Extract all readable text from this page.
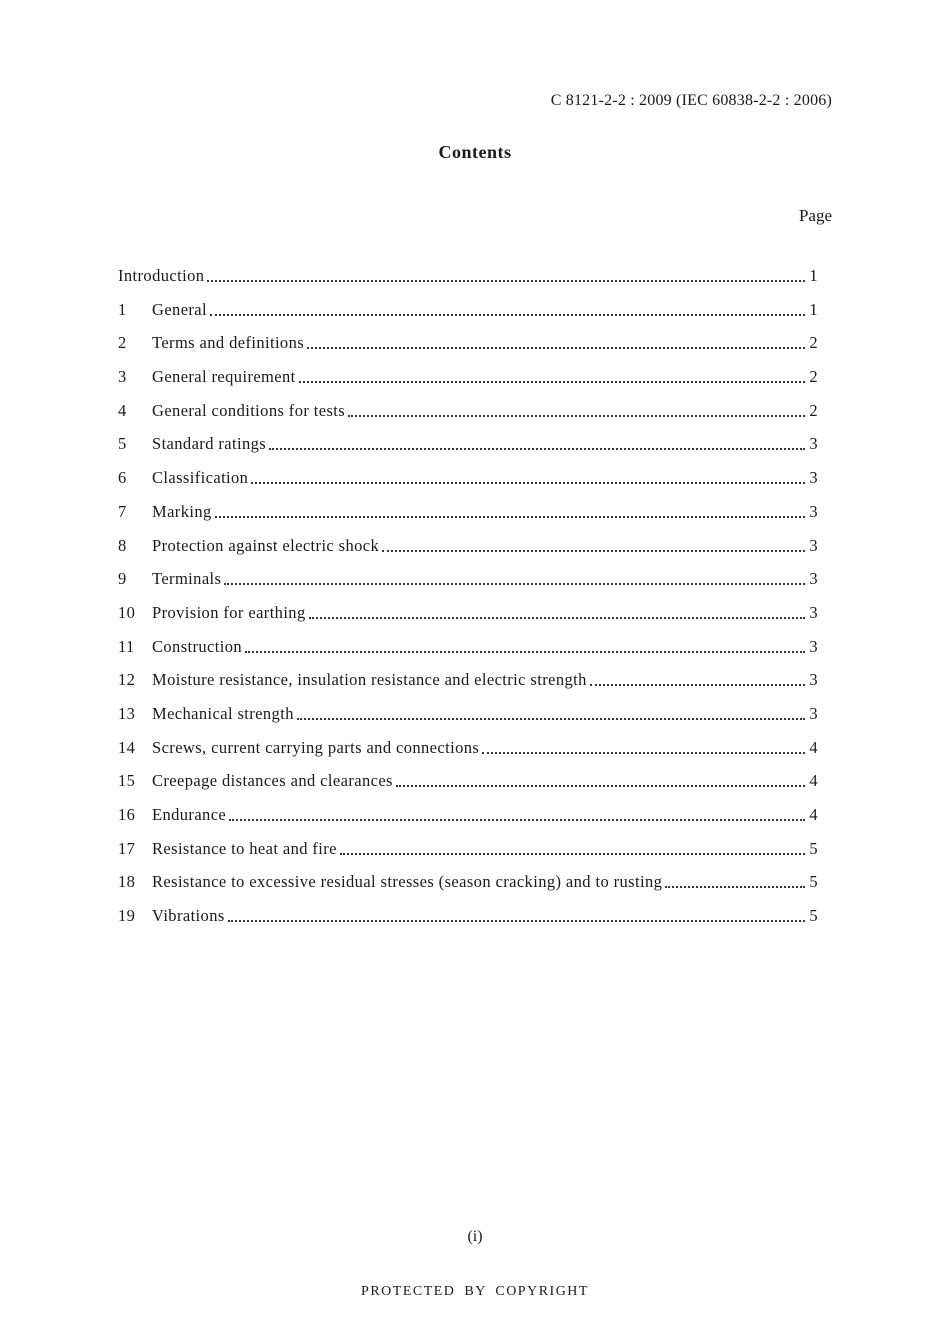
C 8121-2-2 : 2009 (IEC 60838-2-2 : 2006)
Contents
Page
Introduction	1
1	General	1
2	Terms and definitions	2
3	General requirement	2
4	General conditions for tests	2
5	Standard ratings	3
6	Classification	3
7	Marking	3
8	Protection against electric shock	3
9	Terminals	3
10	Provision for earthing	3
11	Construction	3
12	Moisture resistance, insulation resistance and electric strength	3
13	Mechanical strength	3
14	Screws, current carrying parts and connections	4
15	Creepage distances and clearances	4
16	Endurance	4
17	Resistance to heat and fire	5
18	Resistance to excessive residual stresses (season cracking) and to rusting	5
19	Vibrations	5
(i)
PROTECTED BY COPYRIGHT
